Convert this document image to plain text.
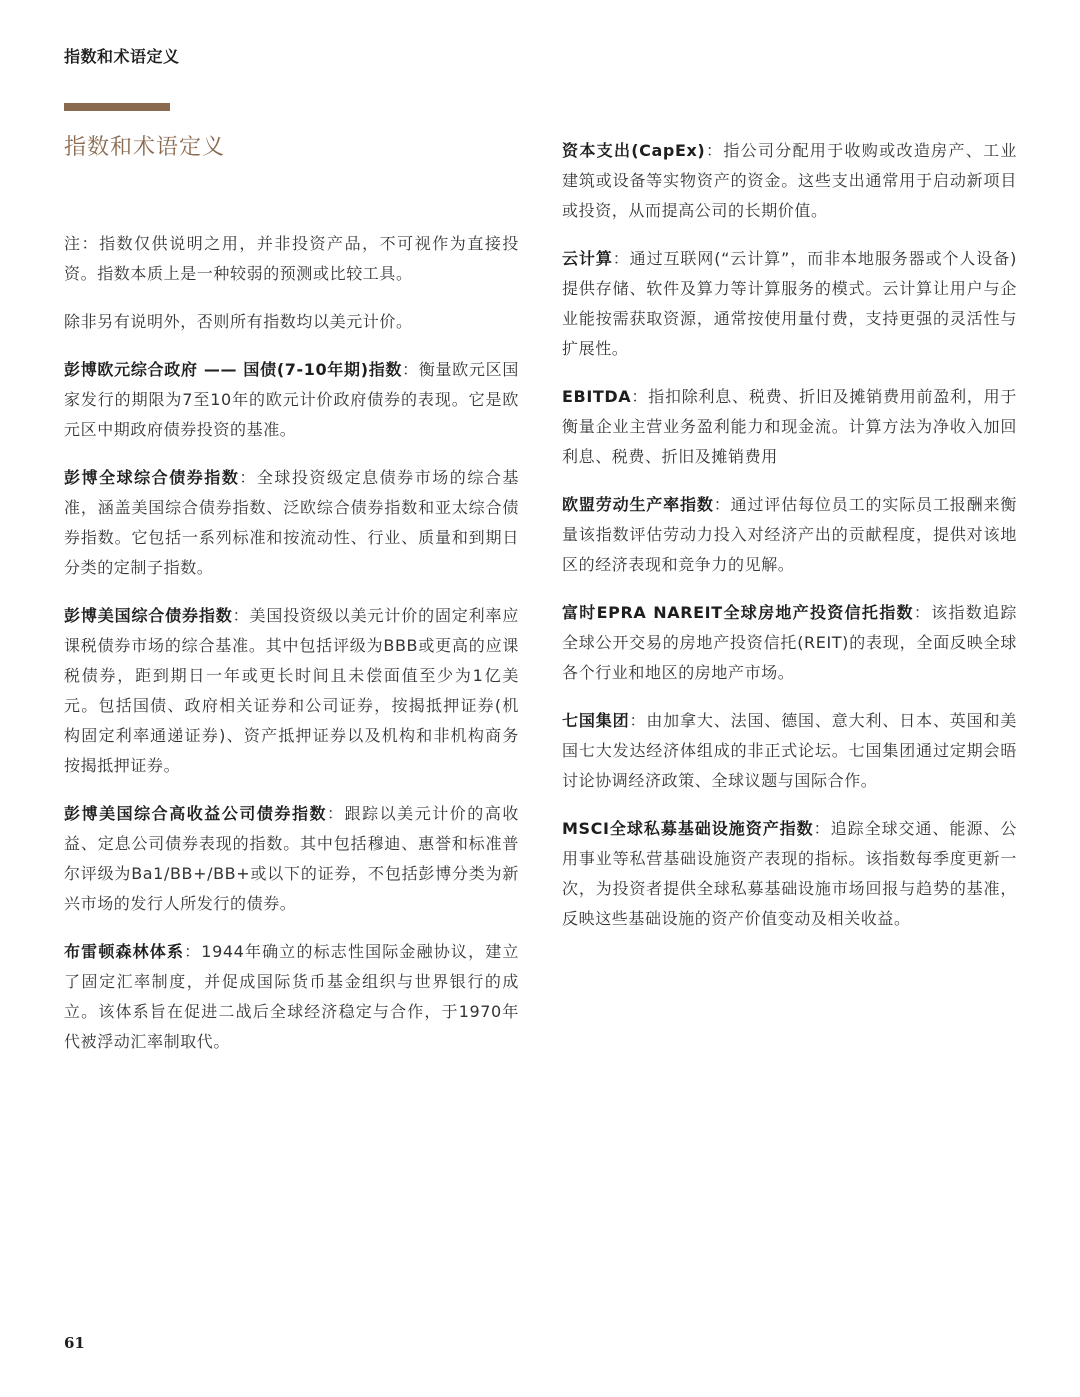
指数和术语定义
指数和术语定义

注：指数仅供说明之用，并非投资产品，不可视作为直接投资。指数本质上是一种较弱的预测或比较工具。

除非另有说明外，否则所有指数均以美元计价。

彭博欧元综合政府 —— 国债(7-10年期)指数：衡量欧元区国家发行的期限为7至10年的欧元计价政府债券的表现。它是欧元区中期政府债券投资的基准。

彭博全球综合债券指数：全球投资级定息债券市场的综合基准，涵盖美国综合债券指数、泛欧综合债券指数和亚太综合债券指数。它包括一系列标准和按流动性、行业、质量和到期日分类的定制子指数。

彭博美国综合债券指数：美国投资级以美元计价的固定利率应课税债券市场的综合基准。其中包括评级为BBB或更高的应课税债券，距到期日一年或更长时间且未偿面值至少为1亿美元。包括国债、政府相关证券和公司证券，按揭抵押证券(机构固定利率通递证券)、资产抵押证券以及机构和非机构商务按揭抵押证券。

彭博美国综合高收益公司债券指数：跟踪以美元计价的高收益、定息公司债券表现的指数。其中包括穆迪、惠誉和标准普尔评级为Ba1/BB+/BB+或以下的证券，不包括彭博分类为新兴市场的发行人所发行的债券。

布雷顿森林体系：1944年确立的标志性国际金融协议，建立了固定汇率制度，并促成国际货币基金组织与世界银行的成立。该体系旨在促进二战后全球经济稳定与合作，于1970年代被浮动汇率制取代。

资本支出(CapEx)：指公司分配用于收购或改造房产、工业建筑或设备等实物资产的资金。这些支出通常用于启动新项目或投资，从而提高公司的长期价值。

云计算：通过互联网(“云计算”，而非本地服务器或个人设备)提供存储、软件及算力等计算服务的模式。云计算让用户与企业能按需获取资源，通常按使用量付费，支持更强的灵活性与扩展性。

EBITDA：指扣除利息、税费、折旧及摊销费用前盈利，用于衡量企业主营业务盈利能力和现金流。计算方法为净收入加回利息、税费、折旧及摊销费用

欧盟劳动生产率指数：通过评估每位员工的实际员工报酬来衡量该指数评估劳动力投入对经济产出的贡献程度，提供对该地区的经济表现和竞争力的见解。

富时EPRA NAREIT全球房地产投资信托指数：该指数追踪全球公开交易的房地产投资信托(REIT)的表现，全面反映全球各个行业和地区的房地产市场。

七国集团：由加拿大、法国、德国、意大利、日本、英国和美国七大发达经济体组成的非正式论坛。七国集团通过定期会晤讨论协调经济政策、全球议题与国际合作。

MSCI全球私募基础设施资产指数：追踪全球交通、能源、公用事业等私营基础设施资产表现的指标。该指数每季度更新一次，为投资者提供全球私募基础设施市场回报与趋势的基准，反映这些基础设施的资产价值变动及相关收益。

61
